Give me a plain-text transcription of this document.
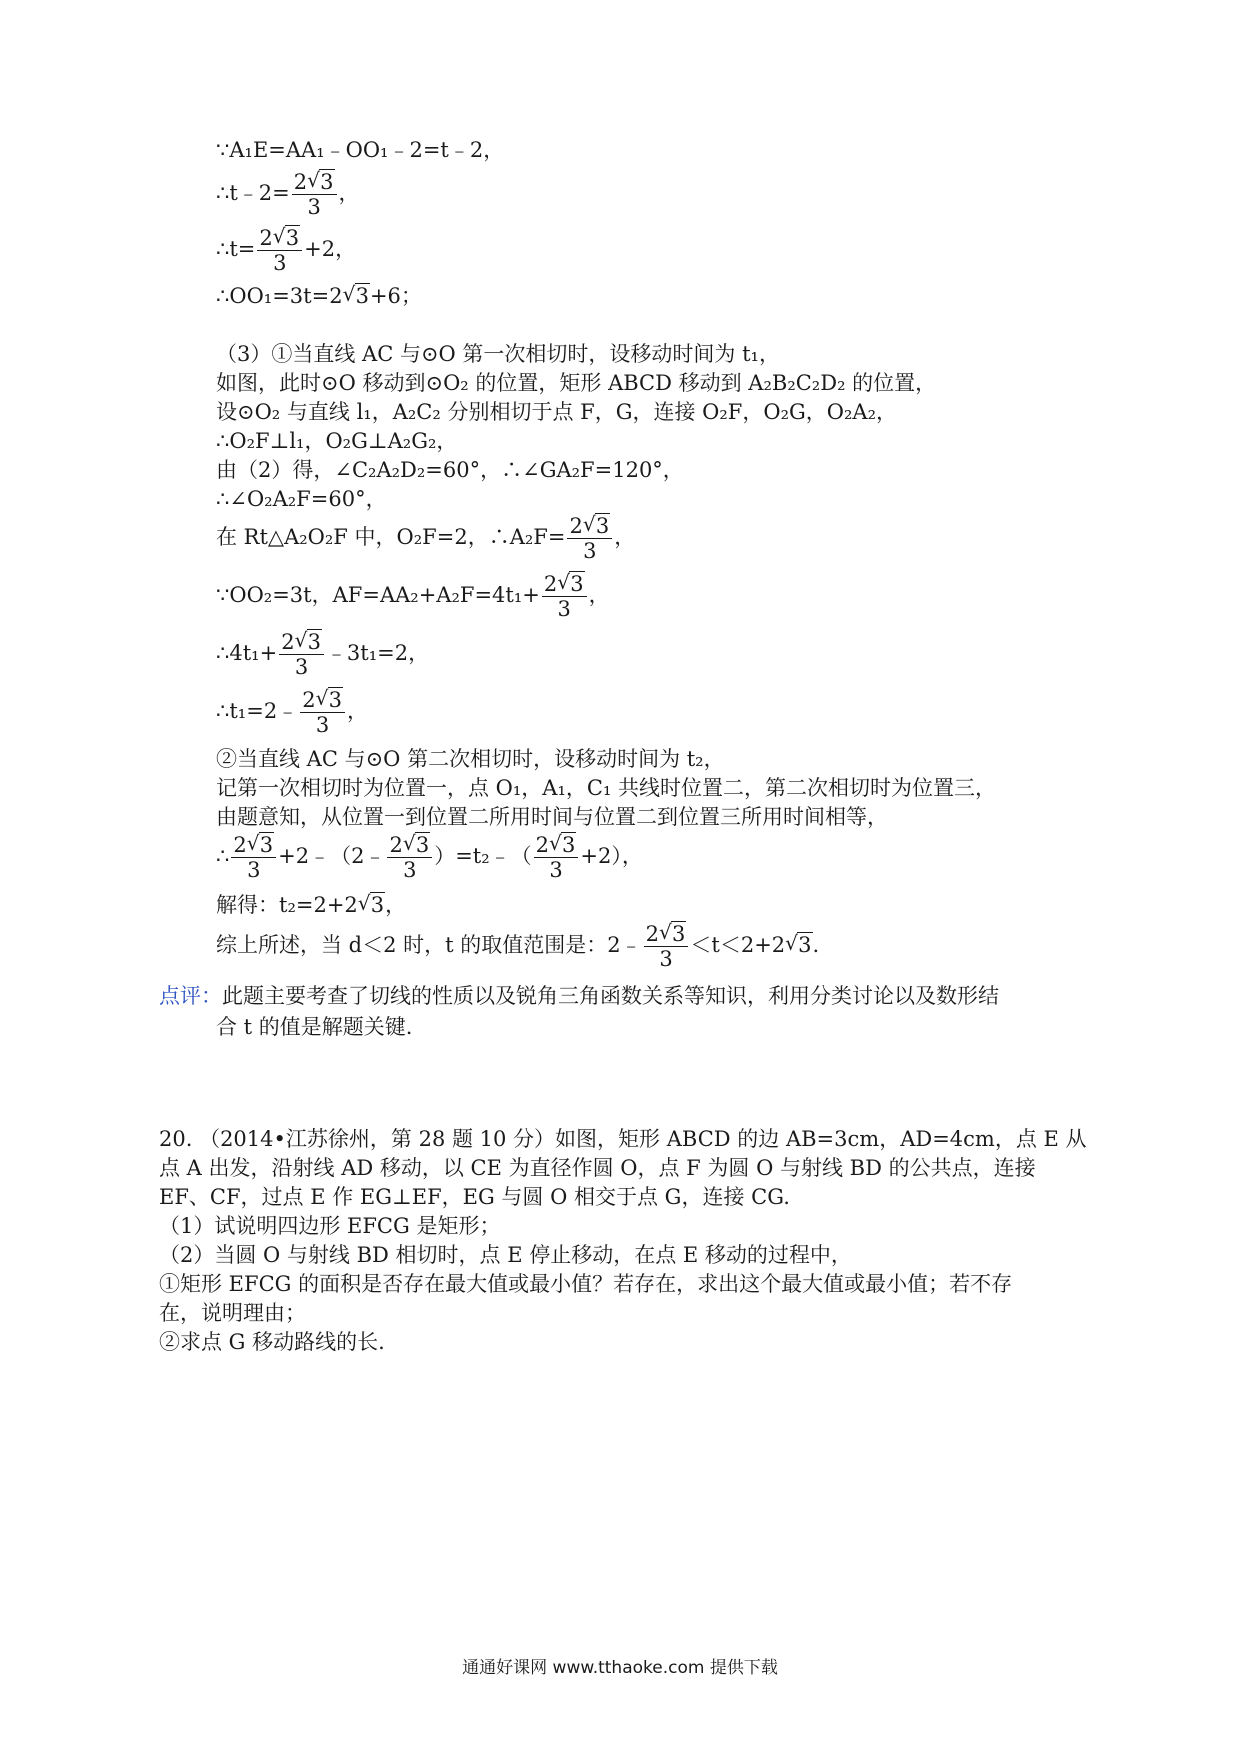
∵A₁E=AA₁﹣OO₁﹣2=t﹣2，
∴t﹣2= $\frac{2√ 3}{3}$ ，
∴t= $\frac{2√ 3}{3} +2$，
∴OO₁=3t=2√ 3+6；
（3）①当直线 AC 与⊙O 第一次相切时，设移动时间为 t₁，
如图，此时⊙O 移动到⊙O₂ 的位置，矩形 ABCD 移动到 A₂B₂C₂D₂ 的位置，
设⊙O₂ 与直线 l₁，A₂C₂ 分别相切于点 F，G，连接 O₂F，O₂G，O₂A₂，
∴O₂F⊥l₁，O₂G⊥A₂G₂，
由（2）得，∠C₂A₂D₂=60°，∴∠GA₂F=120°，
∴∠O₂A₂F=60°，
在 Rt△A₂O₂F 中，O₂F=2，∴A₂F= $\frac{2√ 3}{3}$ ，
∵OO₂=3t，$AF=AA_2+A_2F=4t_1+ \frac{2√ 3}{3}$ ，
∴4t₁+ $\frac{2√ 3}{3}$ ﹣3t₁=2，
∴t₁=2﹣ $\frac{2√ 3}{3}$ ，
②当直线 AC 与⊙O 第二次相切时，设移动时间为 t₂，
记第一次相切时为位置一，点 O₁，A₁，C₁ 共线时位置二，第二次相切时为位置三，
由题意知，从位置一到位置二所用时间与位置二到位置三所用时间相等，
∴ $\frac{2√ 3}{3}$ +2﹣（2﹣ $\frac{2√ 3}{3}$ ）=t₂﹣（ $\frac{2√ 3}{3} +2$），
解得：t₂=2+2√ 3，
综上所述，当 d＜2 时，t 的取值范围是：2﹣ $\frac{2√ 3}{3} <t<2+2√$ 3.
点评：此题主要考查了切线的性质以及锐角三角函数关系等知识，利用分类讨论以及数形结
合 t 的值是解题关键.
20. （2014•江苏徐州，第 28 题 10 分）如图，矩形 ABCD 的边 AB=3cm，AD=4cm，点 E 从
点 A 出发，沿射线 AD 移动，以 CE 为直径作圆 O，点 F 为圆 O 与射线 BD 的公共点，连接
EF、CF，过点 E 作 EG⊥EF，EG 与圆 O 相交于点 G，连接 CG.
（1）试说明四边形 EFCG 是矩形；
（2）当圆 O 与射线 BD 相切时，点 E 停止移动，在点 E 移动的过程中，
①矩形 EFCG 的面积是否存在最大值或最小值？若存在，求出这个最大值或最小值；若不存
在，说明理由；
②求点 G 移动路线的长.
通通好课网 www.tthaoke.com 提供下载
